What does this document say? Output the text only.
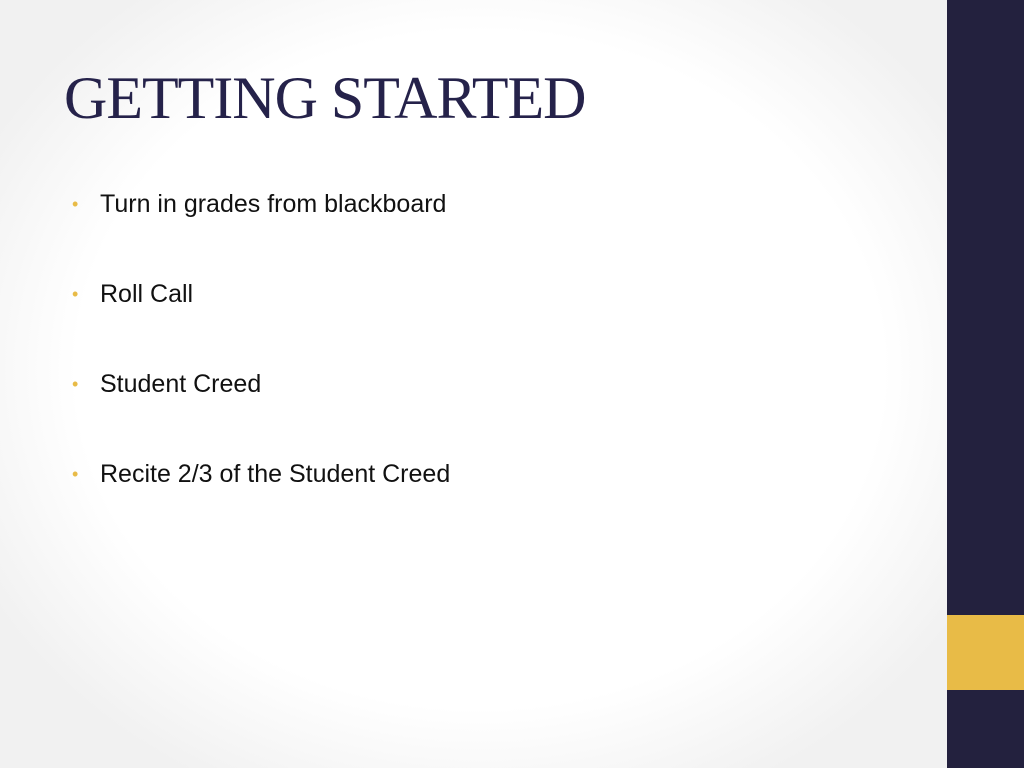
GETTING STARTED
• Turn in grades from blackboard
• Roll Call
• Student Creed
• Recite 2/3 of the Student Creed
